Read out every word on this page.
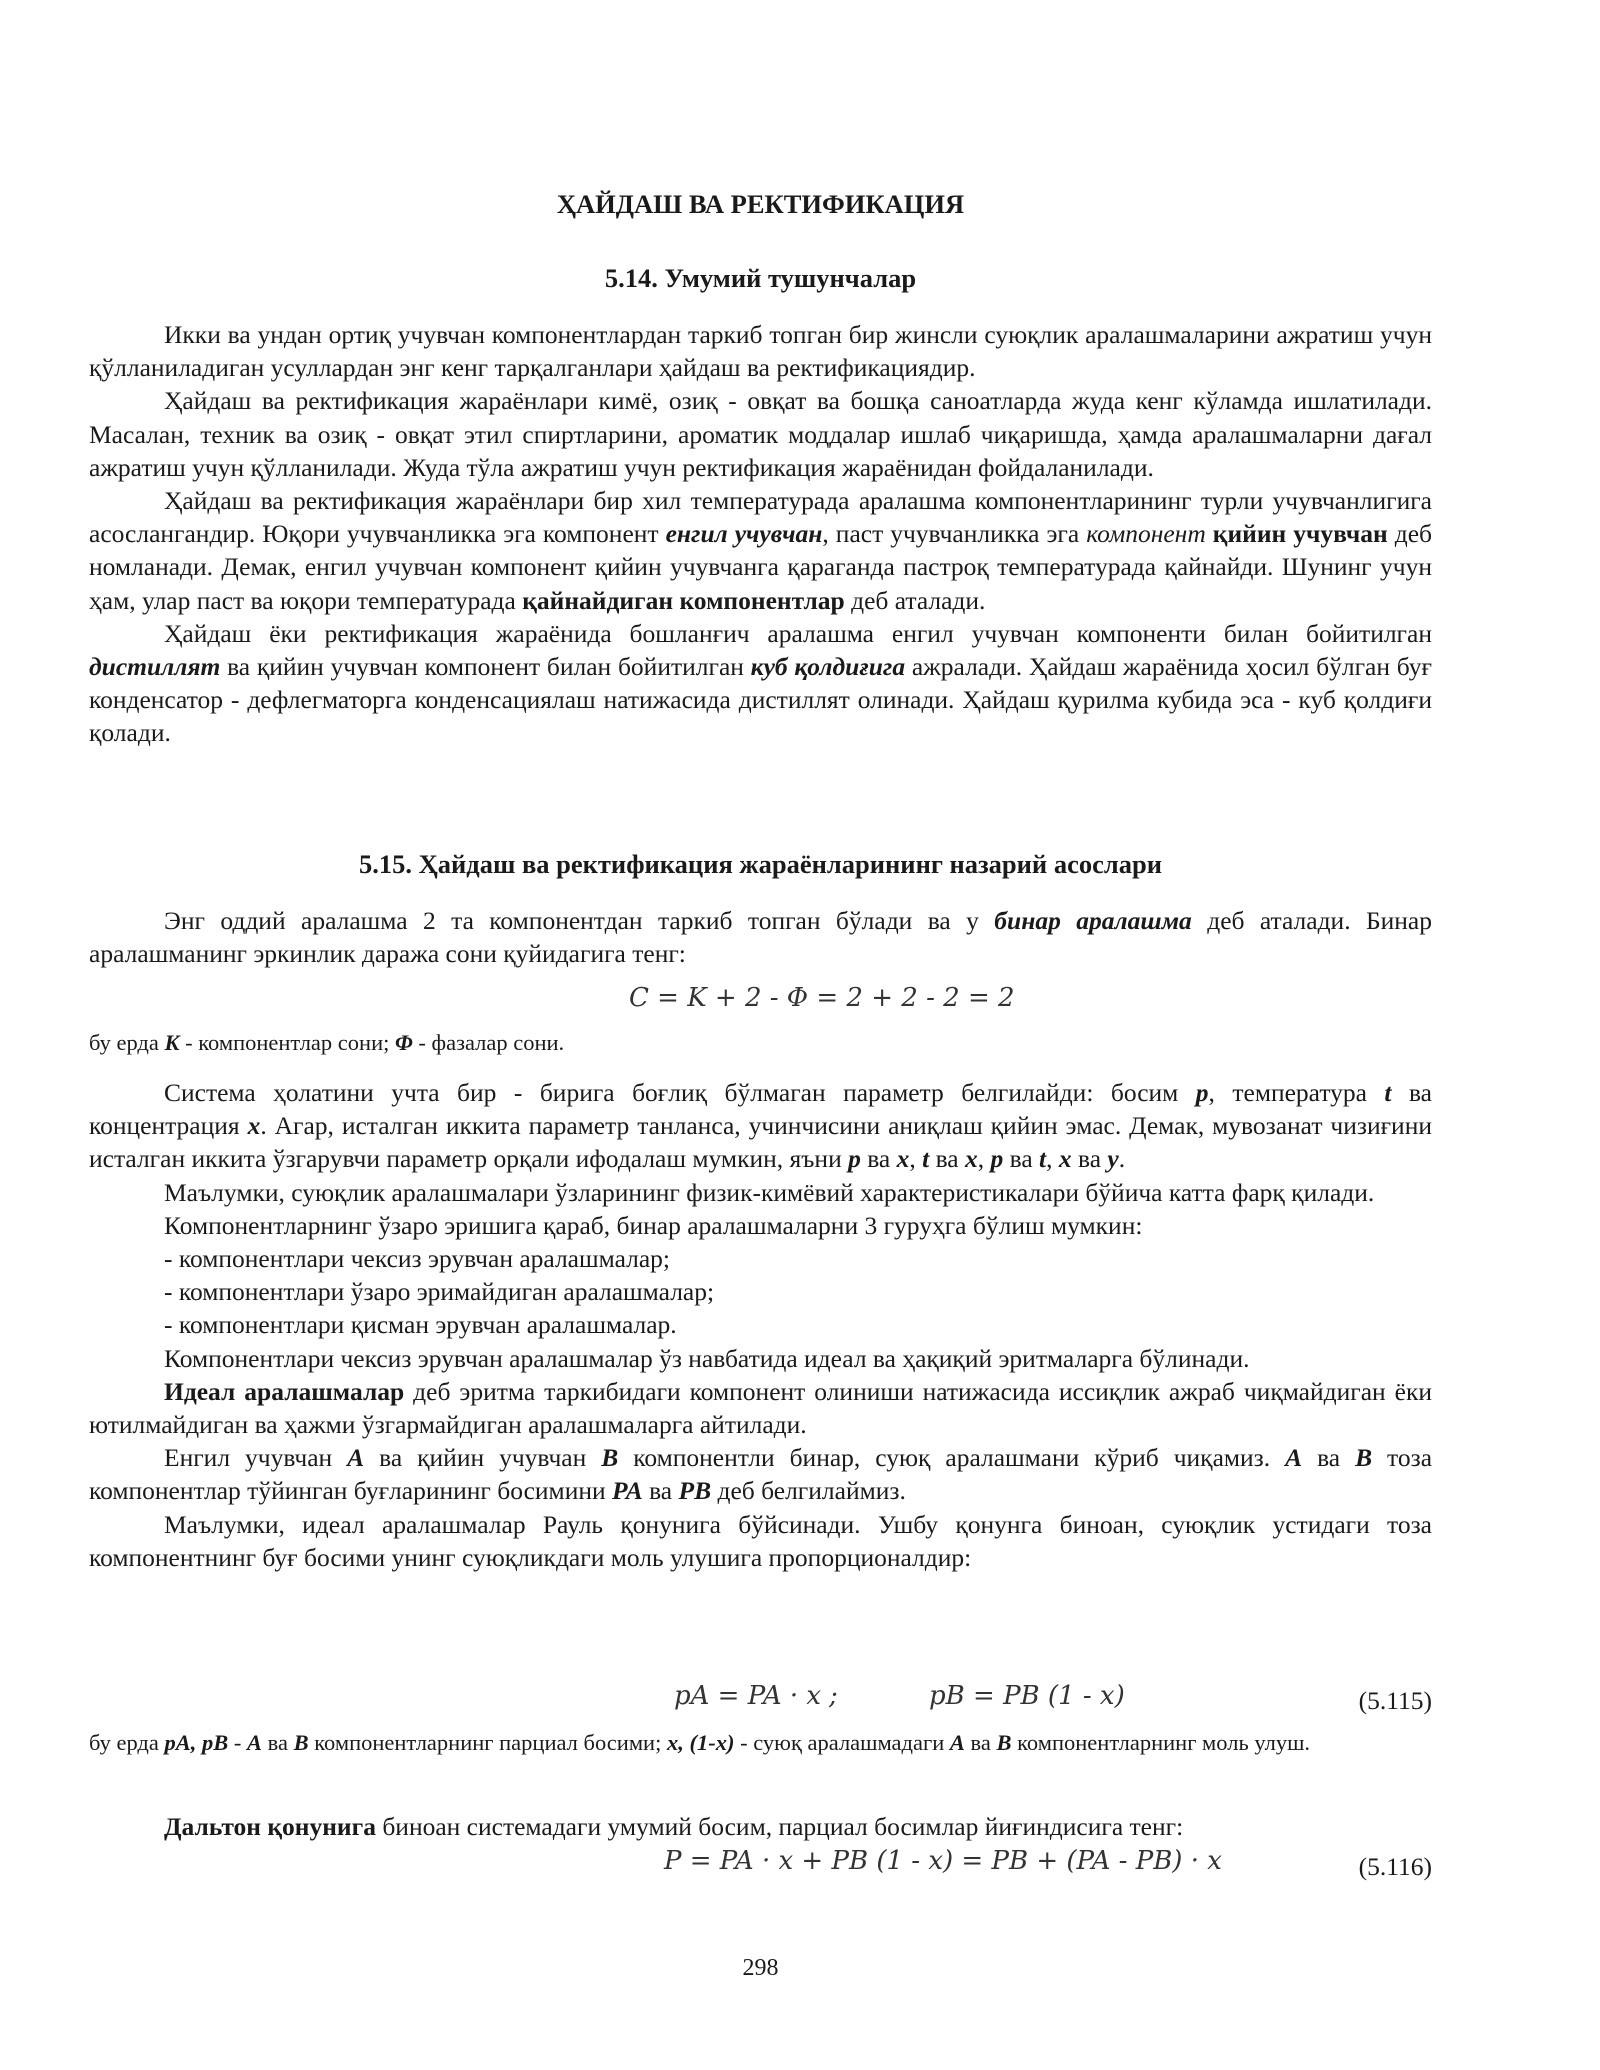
ҲАЙДАШ ВА РЕКТИФИКАЦИЯ
5.14. Умумий тушунчалар

Икки ва ундан ортиқ учувчан компонентлардан таркиб топган бир жинсли суюқлик аралашмаларини ажратиш учун қўлланиладиган усуллардан энг кенг тарқалганлари ҳайдаш ва ректификациядир.

Ҳайдаш ва ректификация жараёнлари кимё, озиқ - овқат ва бошқа саноатларда жуда кенг кўламда ишлатилади. Масалан, техник ва озиқ - овқат этил спиртларини, ароматик моддалар ишлаб чиқаришда, ҳамда аралашмаларни дағал ажратиш учун қўлланилади. Жуда тўла ажратиш учун ректификация жараёнидан фойдаланилади.

Ҳайдаш ва ректификация жараёнлари бир хил температурада аралашма компонентларининг турли учувчанлигига асослангандир. Юқори учувчанликка эга компонент енгил учувчан, паст учувчанликка эга компонент қийин учувчан деб номланади. Демак, енгил учувчан компонент қийин учувчанга қараганда пастроқ температурада қайнайди. Шунинг учун ҳам, улар паст ва юқори температурада қайнайдиган компонентлар деб аталади.

Ҳайдаш ёки ректификация жараёнида бошланғич аралашма енгил учувчан компоненти билан бойитилган дистиллят ва қийин учувчан компонент билан бойитилган куб қолдиғига ажралади. Ҳайдаш жараёнида ҳосил бўлган буғ конденсатор - дефлегматорга конденсациялаш натижасида дистиллят олинади. Ҳайдаш қурилма кубида эса - куб қолдиғи қолади.

5.15. Ҳайдаш ва ректификация жараёнларининг назарий асослари

Энг оддий аралашма 2 та компонентдан таркиб топган бўлади ва у бинар аралашма деб аталади. Бинар аралашманинг эркинлик даража сони қуйидагига тенг:

C = K + 2 - Φ = 2 + 2 - 2 = 2

бу ерда K - компонентлар сони; Φ - фазалар сони.

Система ҳолатини учта бир - бирига боғлиқ бўлмаган параметр белгилайди: босим p, температура t ва концентрация x. Агар, исталган иккита параметр танланса, учинчисини аниқлаш қийин эмас. Демак, мувозанат чизиғини исталган иккита ўзгарувчи параметр орқали ифодалаш мумкин, яъни p ва x, t ва x, p ва t, x ва y.

Маълумки, суюқлик аралашмалари ўзларининг физик-кимёвий характеристикалари бўйича катта фарқ қилади.

Компонентларнинг ўзаро эришига қараб, бинар аралашмаларни 3 гуруҳга бўлиш мумкин:

- компонентлари чексиз эрувчан аралашмалар;

- компонентлари ўзаро эримайдиган аралашмалар;

- компонентлари қисман эрувчан аралашмалар.

Компонентлари чексиз эрувчан аралашмалар ўз навбатида идеал ва ҳақиқий эритмаларга бўлинади.

Идеал аралашмалар деб эритма таркибидаги компонент олиниши натижасида иссиқлик ажраб чиқмайдиган ёки ютилмайдиган ва ҳажми ўзгармайдиган аралашмаларга айтилади.

Енгил учувчан A ва қийин учувчан B компонентли бинар, суюқ аралашмани кўриб чиқамиз. A ва B тоза компонентлар тўйинган буғларининг босимини PA ва PB деб белгилаймиз.

Маълумки, идеал аралашмалар Рауль қонунига бўйсинади. Ушбу қонунга биноан, суюқлик устидаги тоза компонентнинг буғ босими унинг суюқликдаги моль улушига пропорционалдир:

pA = PA · x ;	pB = PB (1 - x)	(5.115)

бу ерда pA, pB - A ва B компонентларнинг парциал босими; x, (1-x) - суюқ аралашмадаги A ва B компонентларнинг моль улуш.

Дальтон қонунига биноан системадаги умумий босим, парциал босимлар йиғиндисига тенг:

P = PA · x + PB (1 - x) = PB + (PA - PB) · x	(5.116)
298
